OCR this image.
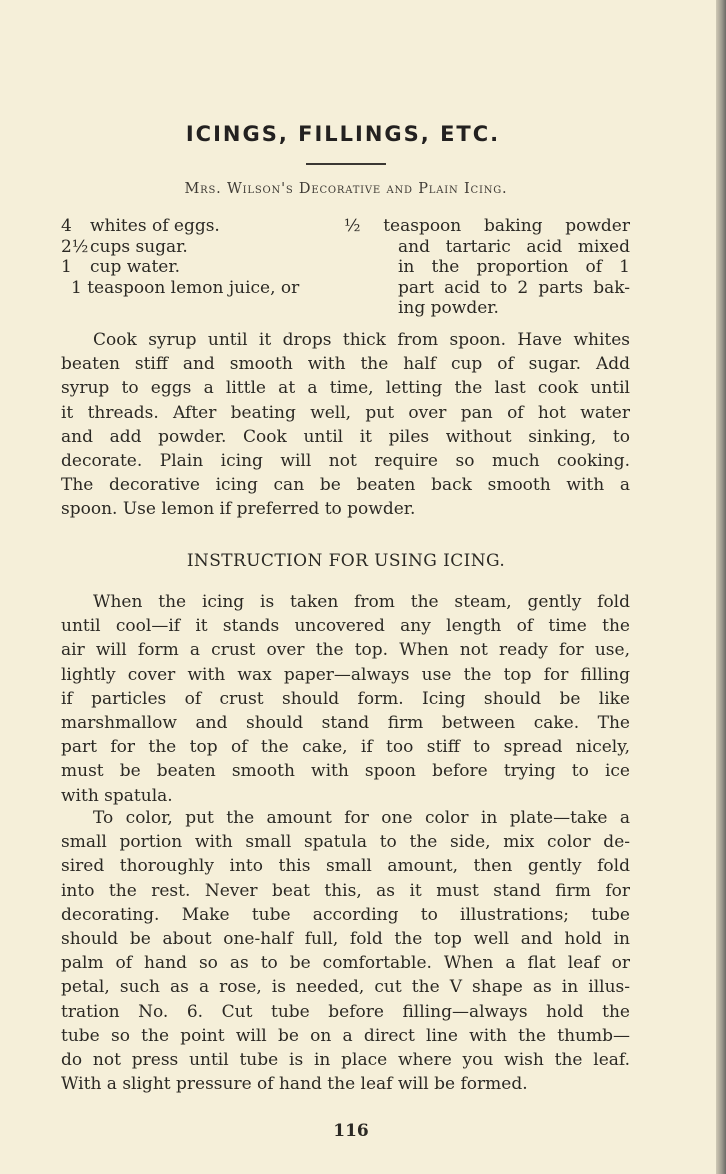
ICINGS, FILLINGS, ETC.
Mrs. Wilson's Decorative and Plain Icing.
4 whites of eggs.
2½ cups sugar.
1 cup water.
1 teaspoon lemon juice, or
½ teaspoon baking powder
and tartaric acid mixed
in the proportion of 1
part acid to 2 parts bak-
ing powder.
Cook syrup until it drops thick from spoon. Have whites
beaten stiff and smooth with the half cup of sugar. Add
syrup to eggs a little at a time, letting the last cook until
it threads. After beating well, put over pan of hot water
and add powder. Cook until it piles without sinking, to
decorate. Plain icing will not require so much cooking.
The decorative icing can be beaten back smooth with a
spoon. Use lemon if preferred to powder.
INSTRUCTION FOR USING ICING.
When the icing is taken from the steam, gently fold
until cool—if it stands uncovered any length of time the
air will form a crust over the top. When not ready for use,
lightly cover with wax paper—always use the top for filling
if particles of crust should form. Icing should be like
marshmallow and should stand firm between cake. The
part for the top of the cake, if too stiff to spread nicely,
must be beaten smooth with spoon before trying to ice
with spatula.
To color, put the amount for one color in plate—take a
small portion with small spatula to the side, mix color de-
sired thoroughly into this small amount, then gently fold
into the rest. Never beat this, as it must stand firm for
decorating. Make tube according to illustrations; tube
should be about one-half full, fold the top well and hold in
palm of hand so as to be comfortable. When a flat leaf or
petal, such as a rose, is needed, cut the V shape as in illus-
tration No. 6. Cut tube before filling—always hold the
tube so the point will be on a direct line with the thumb—
do not press until tube is in place where you wish the leaf.
With a slight pressure of hand the leaf will be formed.
116
